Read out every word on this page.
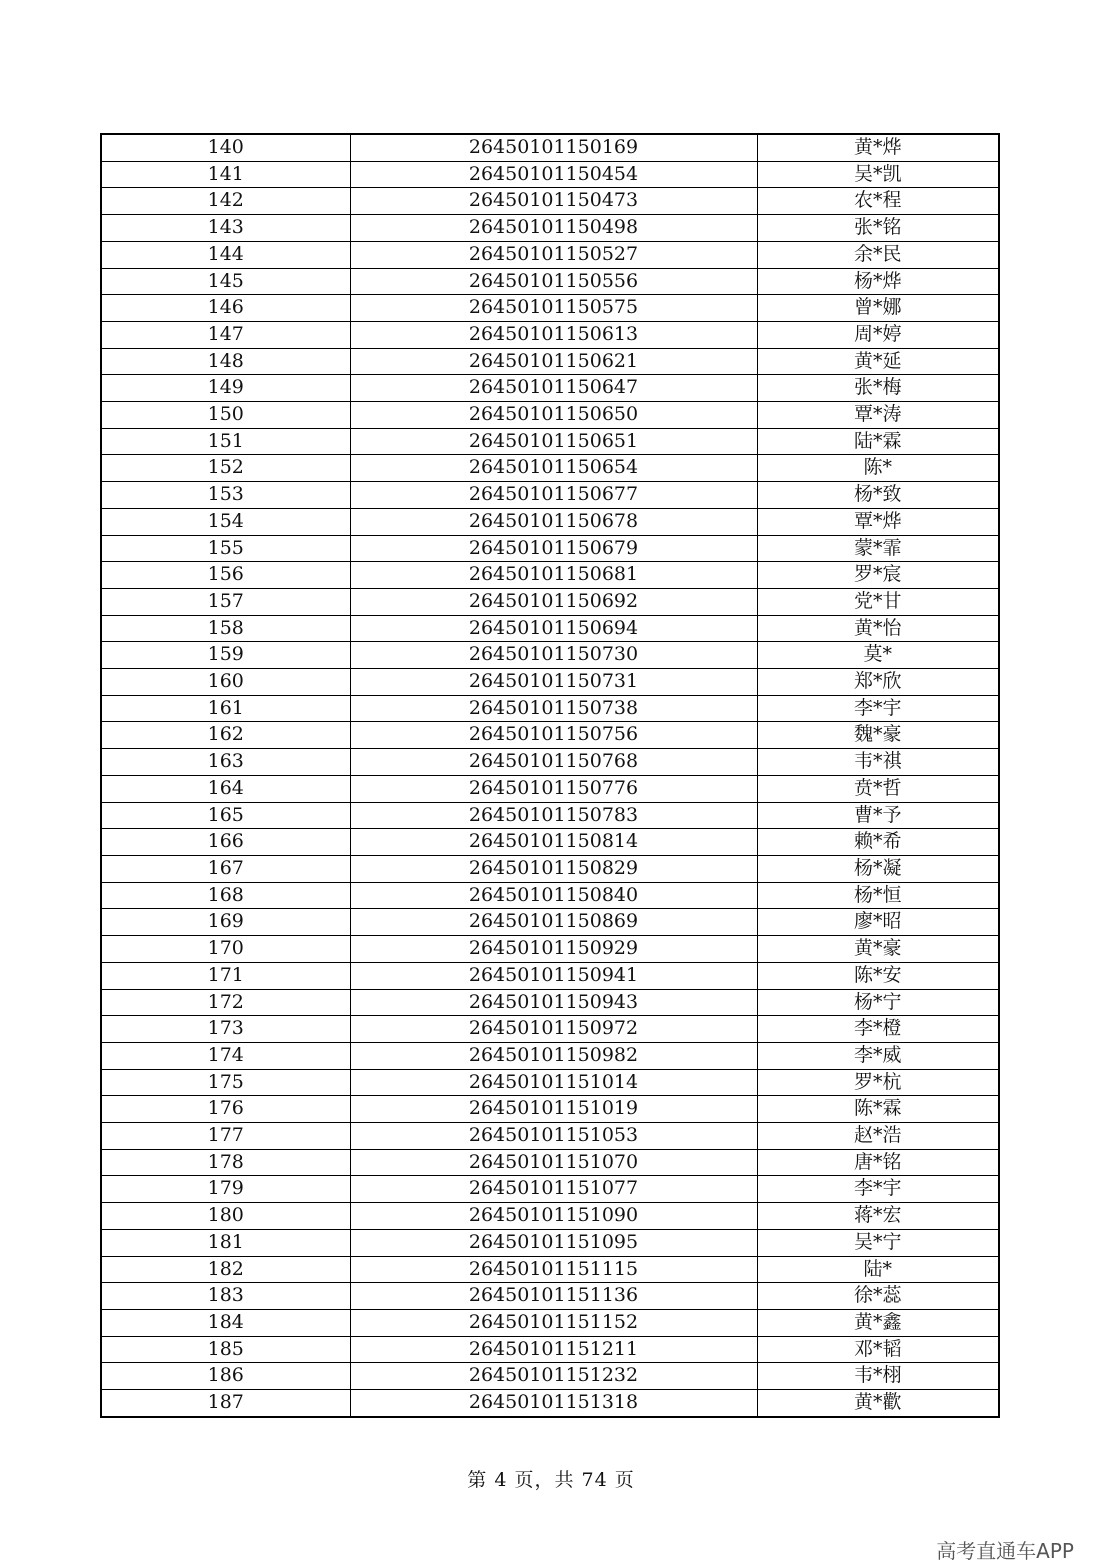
140	26450101150169	黄*烨
141	26450101150454	吴*凯
142	26450101150473	农*程
143	26450101150498	张*铭
144	26450101150527	余*民
145	26450101150556	杨*烨
146	26450101150575	曾*娜
147	26450101150613	周*婷
148	26450101150621	黄*延
149	26450101150647	张*梅
150	26450101150650	覃*涛
151	26450101150651	陆*霖
152	26450101150654	陈*
153	26450101150677	杨*致
154	26450101150678	覃*烨
155	26450101150679	蒙*霏
156	26450101150681	罗*宸
157	26450101150692	党*甘
158	26450101150694	黄*怡
159	26450101150730	莫*
160	26450101150731	郑*欣
161	26450101150738	李*宇
162	26450101150756	魏*豪
163	26450101150768	韦*祺
164	26450101150776	贲*哲
165	26450101150783	曹*予
166	26450101150814	赖*希
167	26450101150829	杨*凝
168	26450101150840	杨*恒
169	26450101150869	廖*昭
170	26450101150929	黄*豪
171	26450101150941	陈*安
172	26450101150943	杨*宁
173	26450101150972	李*橙
174	26450101150982	李*威
175	26450101151014	罗*杭
176	26450101151019	陈*霖
177	26450101151053	赵*浩
178	26450101151070	唐*铭
179	26450101151077	李*宇
180	26450101151090	蒋*宏
181	26450101151095	吴*宁
182	26450101151115	陆*
183	26450101151136	徐*蕊
184	26450101151152	黄*鑫
185	26450101151211	邓*韬
186	26450101151232	韦*栩
187	26450101151318	黄*歡
第 4 页，共 74 页
高考直通车APP
